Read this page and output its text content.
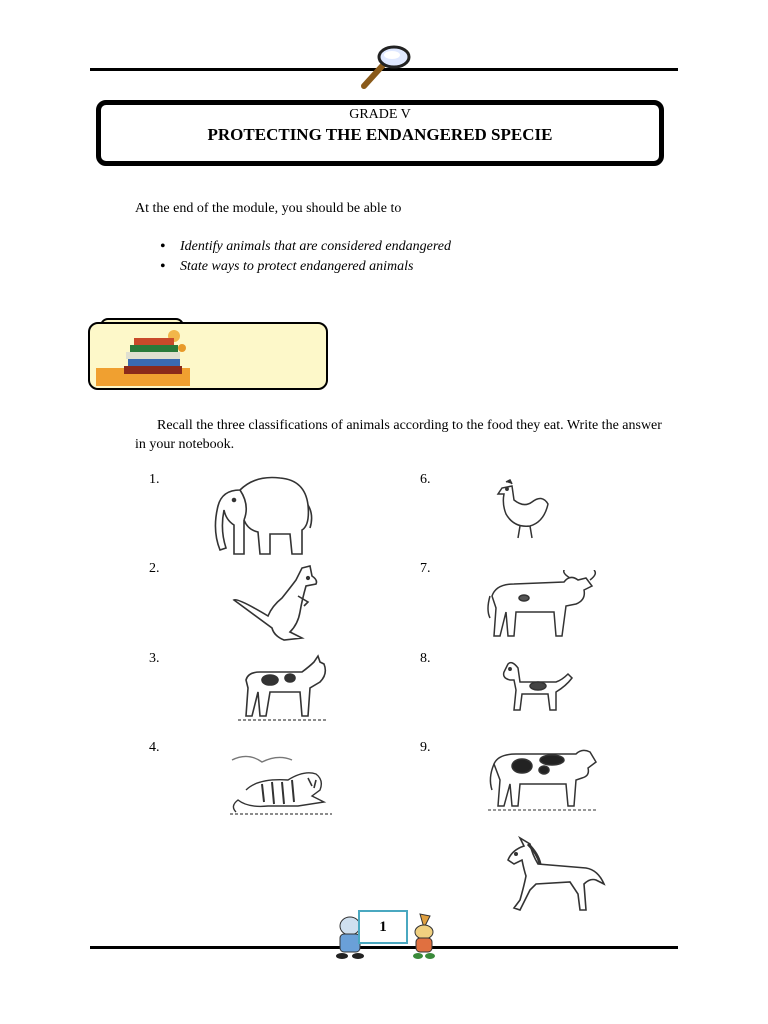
GRADE V
PROTECTING THE ENDANGERED SPECIE
At the end of the module, you should be able to
• Identify animals that are considered endangered
• State ways to protect endangered animals
Recall the three classifications of animals according to the food they eat. Write the answer in your notebook.
1.
2.
3.
4.
6.
7.
8.
9.
1
